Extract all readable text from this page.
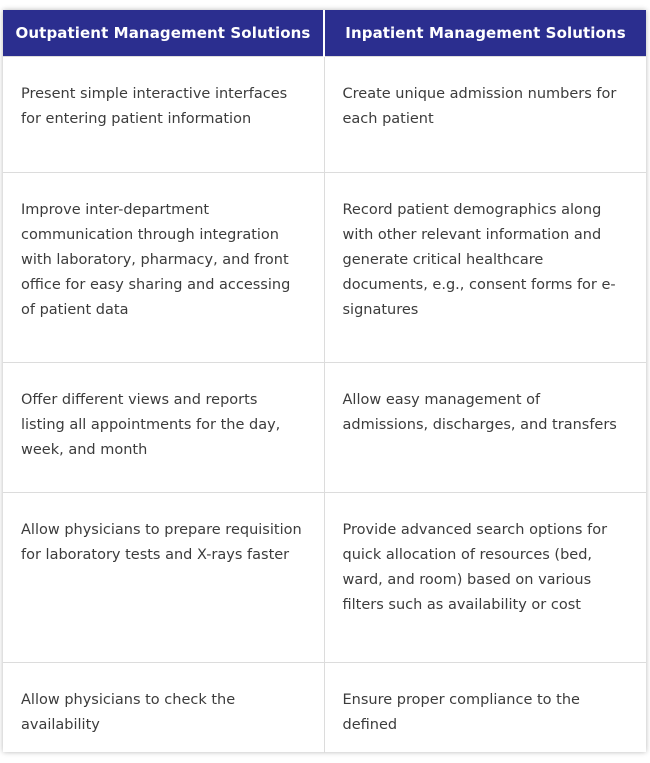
Outpatient Management Solutions	Inpatient Management Solutions
Present simple interactive interfaces for entering patient information	Create unique admission numbers for each patient
Improve inter-department communication through integration with laboratory, pharmacy, and front office for easy sharing and accessing of patient data	Record patient demographics along with other relevant information and generate critical healthcare documents, e.g., consent forms for e-signatures
Offer different views and reports listing all appointments for the day, week, and month	Allow easy management of admissions, discharges, and transfers
Allow physicians to prepare requisition for laboratory tests and X-rays faster	Provide advanced search options for quick allocation of resources (bed, ward, and room) based on various filters such as availability or cost
Allow physicians to check the availability	Ensure proper compliance to the defined
